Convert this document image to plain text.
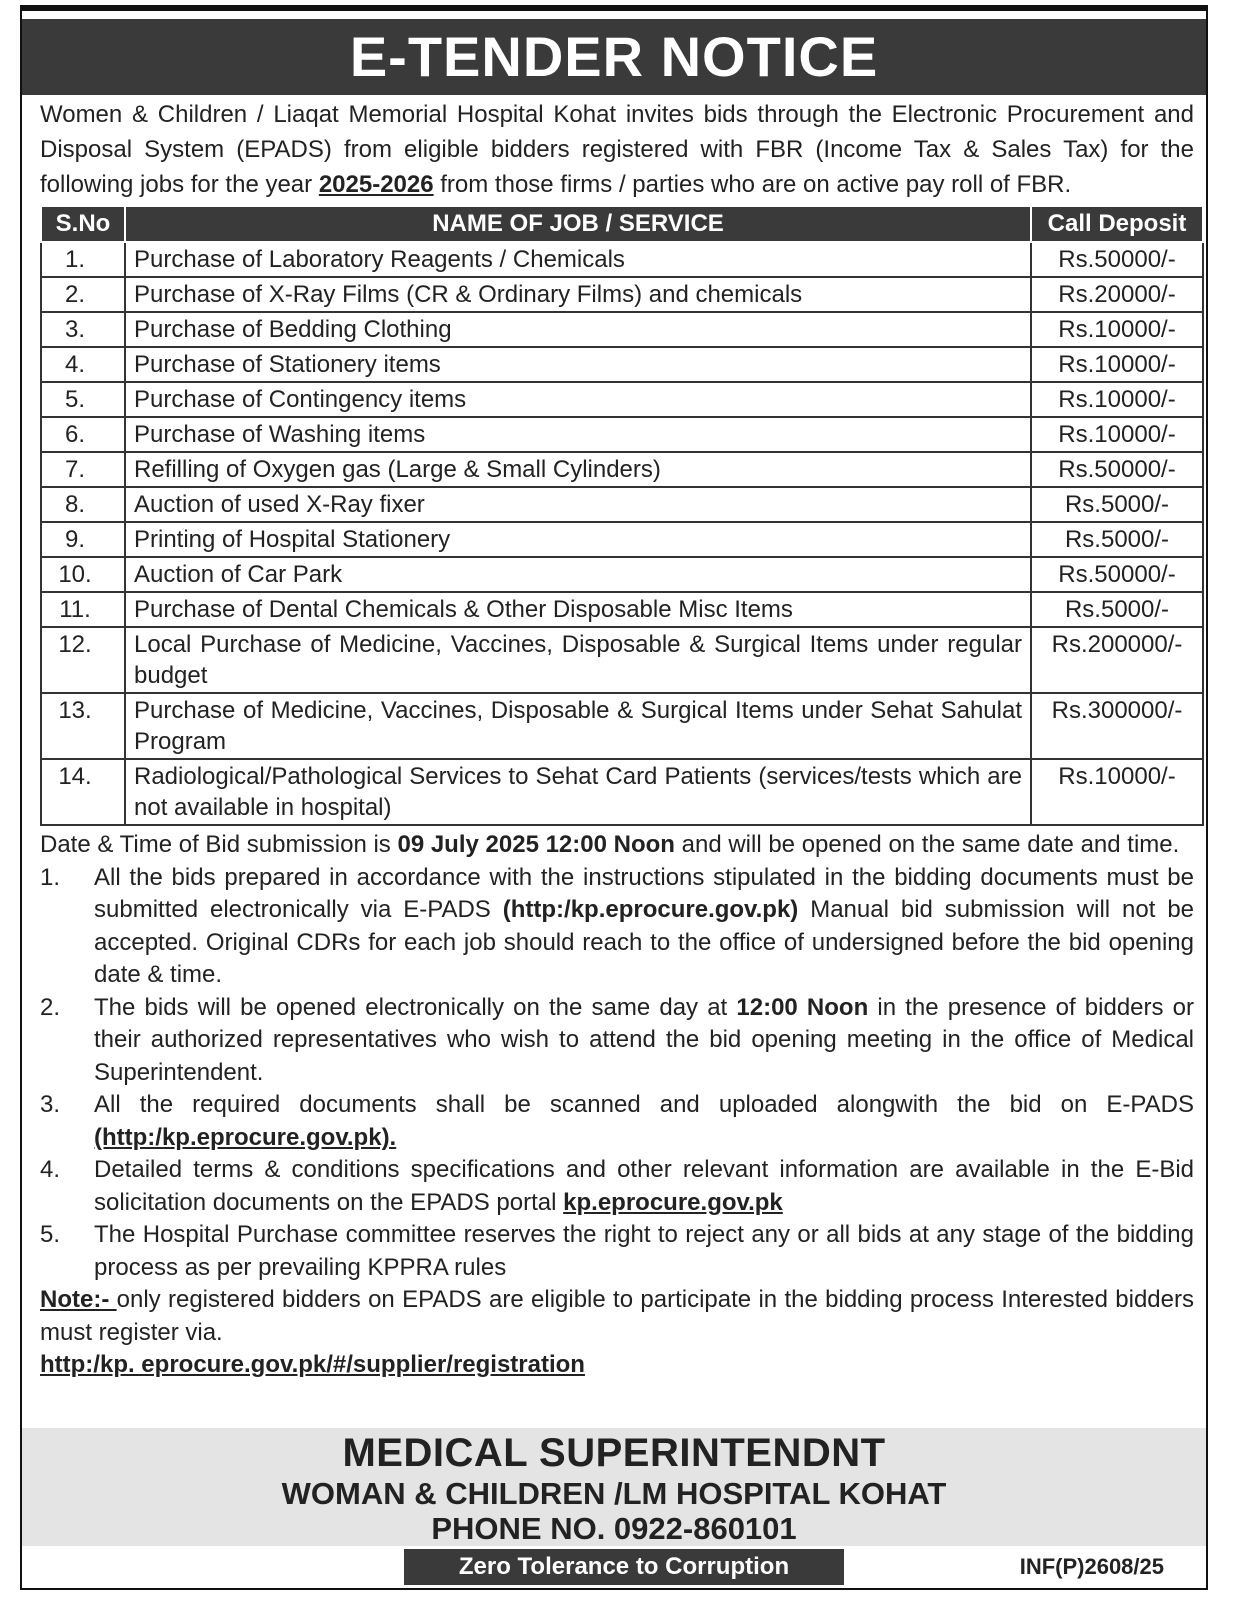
E-TENDER NOTICE
Women & Children / Liaqat Memorial Hospital Kohat invites bids through the Electronic Procurement and Disposal System (EPADS) from eligible bidders registered with FBR (Income Tax & Sales Tax) for the following jobs for the year 2025-2026 from those firms / parties who are on active pay roll of FBR.
S.No	NAME OF JOB / SERVICE	Call Deposit
1.	Purchase of Laboratory Reagents / Chemicals	Rs.50000/-
2.	Purchase of X-Ray Films (CR & Ordinary Films) and chemicals	Rs.20000/-
3.	Purchase of Bedding Clothing	Rs.10000/-
4.	Purchase of Stationery items	Rs.10000/-
5.	Purchase of Contingency items	Rs.10000/-
6.	Purchase of Washing items	Rs.10000/-
7.	Refilling of Oxygen gas (Large & Small Cylinders)	Rs.50000/-
8.	Auction of used X-Ray fixer	Rs.5000/-
9.	Printing of Hospital Stationery	Rs.5000/-
10.	Auction of Car Park	Rs.50000/-
11.	Purchase of Dental Chemicals & Other Disposable Misc Items	Rs.5000/-
12.	Local Purchase of Medicine, Vaccines, Disposable & Surgical Items under regular budget	Rs.200000/-
13.	Purchase of Medicine, Vaccines, Disposable & Surgical Items under Sehat Sahulat Program	Rs.300000/-
14.	Radiological/Pathological Services to Sehat Card Patients (services/tests which are not available in hospital)	Rs.10000/-

Date & Time of Bid submission is 09 July 2025 12:00 Noon and will be opened on the same date and time.

1. All the bids prepared in accordance with the instructions stipulated in the bidding documents must be submitted electronically via E-PADS (http:/kp.eprocure.gov.pk) Manual bid submission will not be accepted. Original CDRs for each job should reach to the office of undersigned before the bid opening date & time.
2. The bids will be opened electronically on the same day at 12:00 Noon in the presence of bidders or their authorized representatives who wish to attend the bid opening meeting in the office of Medical Superintendent.
3. All the required documents shall be scanned and uploaded alongwith the bid on E-PADS (http:/kp.eprocure.gov.pk).
4. Detailed terms & conditions specifications and other relevant information are available in the E-Bid solicitation documents on the EPADS portal kp.eprocure.gov.pk
5. The Hospital Purchase committee reserves the right to reject any or all bids at any stage of the bidding process as per prevailing KPPRA rules

Note:- only registered bidders on EPADS are eligible to participate in the bidding process Interested bidders must register via.

http:/kp. eprocure.gov.pk/#/supplier/registration

MEDICAL SUPERINTENDNT
WOMAN & CHILDREN /LM HOSPITAL KOHAT
PHONE NO. 0922-860101
Zero Tolerance to Corruption	INF(P)2608/25
